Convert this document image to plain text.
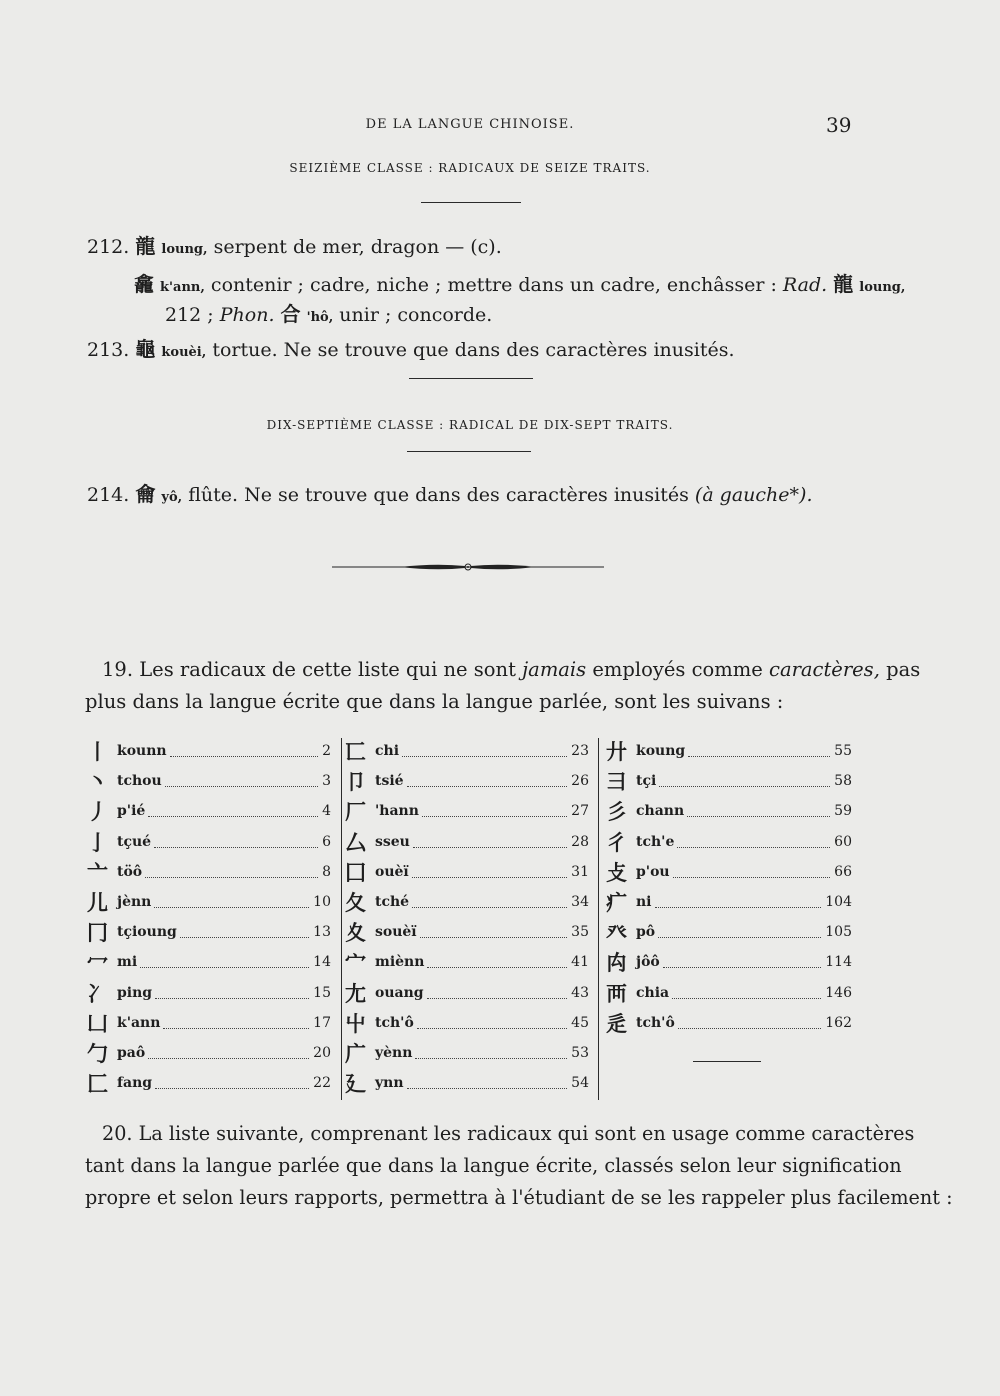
DE LA LANGUE CHINOISE.	39
SEIZIÈME CLASSE : RADICAUX DE SEIZE TRAITS.
212. 龍 loung, serpent de mer, dragon — (c).
龕 k'ann, contenir ; cadre, niche ; mettre dans un cadre, enchâsser : Rad. 龍 loung,
212 ; Phon. 合 'hô, unir ; concorde.
213. 龜 kouèi, tortue. Ne se trouve que dans des caractères inusités.
DIX-SEPTIÈME CLASSE : RADICAL DE DIX-SEPT TRAITS.
214. 龠 yô, flûte. Ne se trouve que dans des caractères inusités (à gauche*).
19. Les radicaux de cette liste qui ne sont jamais employés comme caractères, pas
plus dans la langue écrite que dans la langue parlée, sont les suivans :
丨 kounn	2
丶 tchou	3
丿 p'ié	4
亅 tçué	6
亠 töô	8
儿 jènn	10
冂 tçioung	13
冖 mi	14
冫 ping	15
凵 k'ann	17
勹 paô	20
匚 fang	22
匸 chi	23
卩 tsié	26
厂 'hann	27
厶 sseu	28
囗 ouèï	31
夂 tché	34
夊 souèï	35
宀 miènn	41
尢 ouang	43
屮 tch'ô	45
广 yènn	53
廴 ynn	54
廾 koung	55
彐 tçi	58
彡 chann	59
彳 tch'e	60
攴 p'ou	66
疒 ni	104
癶 pô	105
禸 jôô	114
襾 chia	146
辵 tch'ô	162
20. La liste suivante, comprenant les radicaux qui sont en usage comme caractères
tant dans la langue parlée que dans la langue écrite, classés selon leur signification
propre et selon leurs rapports, permettra à l'étudiant de se les rappeler plus facilement :
